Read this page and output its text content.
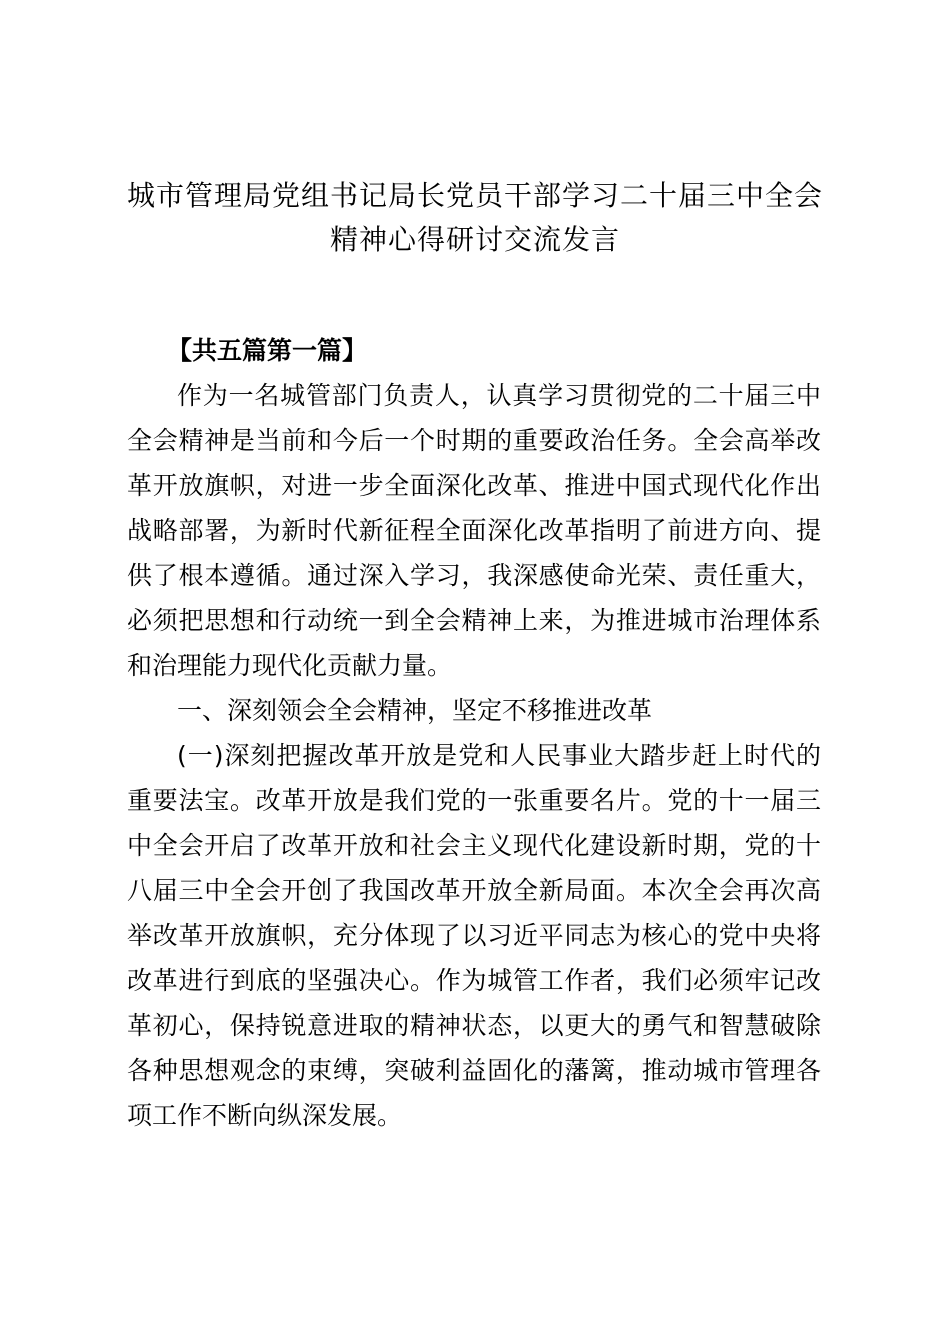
城市管理局党组书记局长党员干部学习二十届三中全会
精神心得研讨交流发言

【共五篇第一篇】

作为一名城管部门负责人，认真学习贯彻党的二十届三中全会精神是当前和今后一个时期的重要政治任务。全会高举改革开放旗帜，对进一步全面深化改革、推进中国式现代化作出战略部署，为新时代新征程全面深化改革指明了前进方向、提供了根本遵循。通过深入学习，我深感使命光荣、责任重大，必须把思想和行动统一到全会精神上来，为推进城市治理体系和治理能力现代化贡献力量。

一、深刻领会全会精神，坚定不移推进改革

(一)深刻把握改革开放是党和人民事业大踏步赶上时代的重要法宝。改革开放是我们党的一张重要名片。党的十一届三中全会开启了改革开放和社会主义现代化建设新时期，党的十八届三中全会开创了我国改革开放全新局面。本次全会再次高举改革开放旗帜，充分体现了以习近平同志为核心的党中央将改革进行到底的坚强决心。作为城管工作者，我们必须牢记改革初心，保持锐意进取的精神状态，以更大的勇气和智慧破除各种思想观念的束缚，突破利益固化的藩篱，推动城市管理各项工作不断向纵深发展。
